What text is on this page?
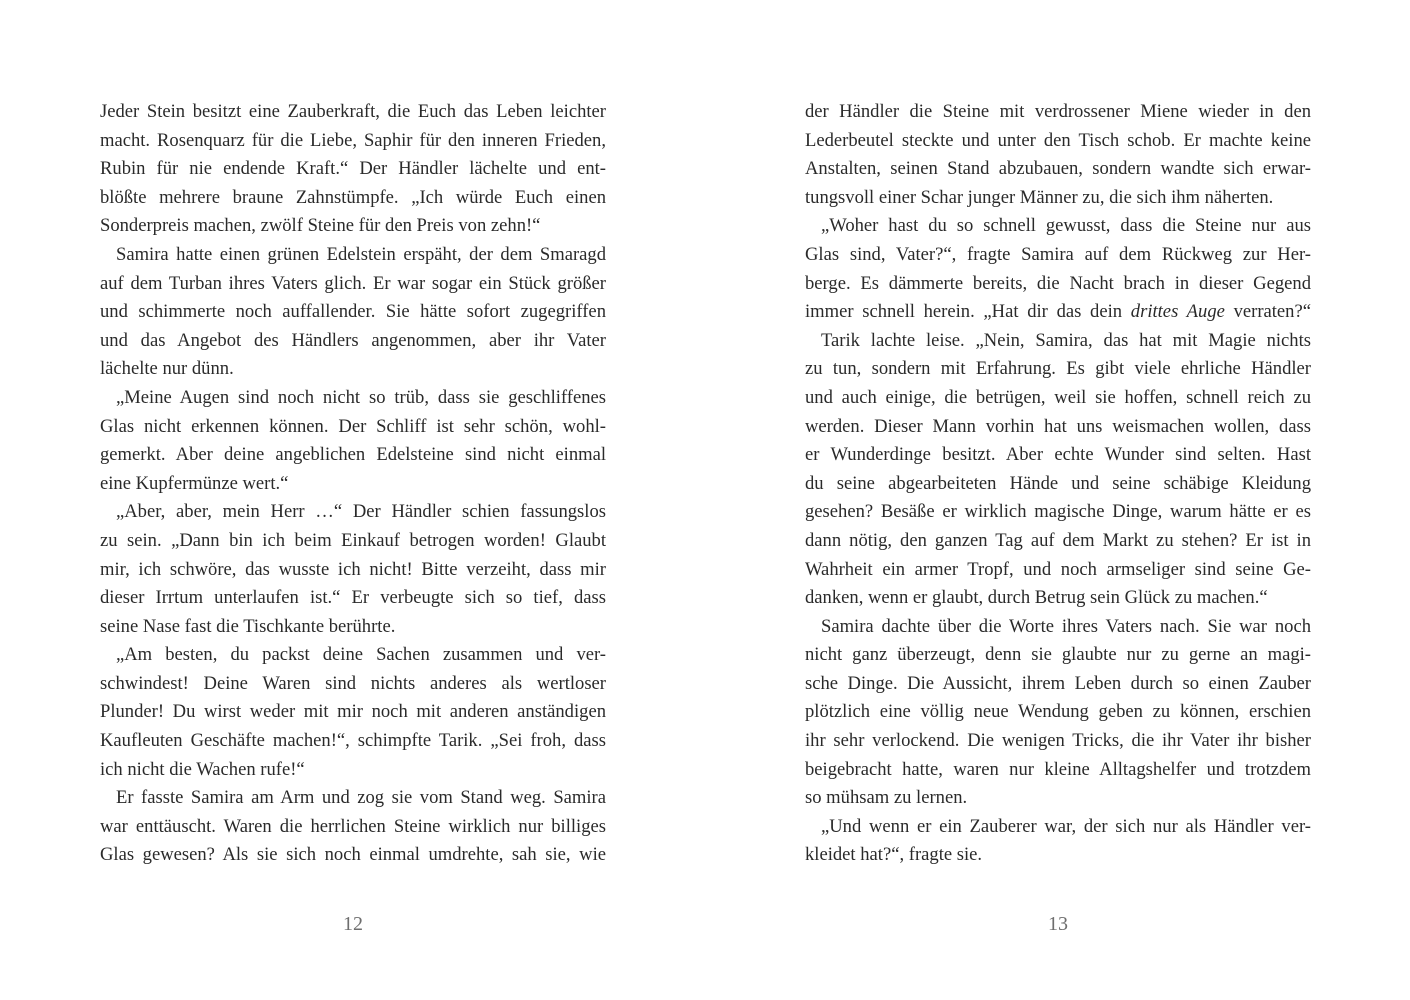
Jeder Stein besitzt eine Zauberkraft, die Euch das Leben leichter
macht. Rosenquarz für die Liebe, Saphir für den inneren Frieden,
Rubin für nie endende Kraft.“ Der Händler lächelte und ent-
blößte mehrere braune Zahnstümpfe. „Ich würde Euch einen
Sonderpreis machen, zwölf Steine für den Preis von zehn!“
Samira hatte einen grünen Edelstein erspäht, der dem Smaragd
auf dem Turban ihres Vaters glich. Er war sogar ein Stück größer
und schimmerte noch auffallender. Sie hätte sofort zugegriffen
und das Angebot des Händlers angenommen, aber ihr Vater
lächelte nur dünn.
„Meine Augen sind noch nicht so trüb, dass sie geschliffenes
Glas nicht erkennen können. Der Schliff ist sehr schön, wohl-
gemerkt. Aber deine angeblichen Edelsteine sind nicht einmal
eine Kupfermünze wert.“
„Aber, aber, mein Herr …“ Der Händler schien fassungslos
zu sein. „Dann bin ich beim Einkauf betrogen worden! Glaubt
mir, ich schwöre, das wusste ich nicht! Bitte verzeiht, dass mir
dieser Irrtum unterlaufen ist.“ Er verbeugte sich so tief, dass
seine Nase fast die Tischkante berührte.
„Am besten, du packst deine Sachen zusammen und ver-
schwindest! Deine Waren sind nichts anderes als wertloser
Plunder! Du wirst weder mit mir noch mit anderen anständigen
Kaufleuten Geschäfte machen!“, schimpfte Tarik. „Sei froh, dass
ich nicht die Wachen rufe!“
Er fasste Samira am Arm und zog sie vom Stand weg. Samira
war enttäuscht. Waren die herrlichen Steine wirklich nur billiges
Glas gewesen? Als sie sich noch einmal umdrehte, sah sie, wie
12
der Händler die Steine mit verdrossener Miene wieder in den
Lederbeutel steckte und unter den Tisch schob. Er machte keine
Anstalten, seinen Stand abzubauen, sondern wandte sich erwar-
tungsvoll einer Schar junger Männer zu, die sich ihm näherten.
„Woher hast du so schnell gewusst, dass die Steine nur aus
Glas sind, Vater?“, fragte Samira auf dem Rückweg zur Her-
berge. Es dämmerte bereits, die Nacht brach in dieser Gegend
immer schnell herein. „Hat dir das dein drittes Auge verraten?“
Tarik lachte leise. „Nein, Samira, das hat mit Magie nichts
zu tun, sondern mit Erfahrung. Es gibt viele ehrliche Händler
und auch einige, die betrügen, weil sie hoffen, schnell reich zu
werden. Dieser Mann vorhin hat uns weismachen wollen, dass
er Wunderdinge besitzt. Aber echte Wunder sind selten. Hast
du seine abgearbeiteten Hände und seine schäbige Kleidung
gesehen? Besäße er wirklich magische Dinge, warum hätte er es
dann nötig, den ganzen Tag auf dem Markt zu stehen? Er ist in
Wahrheit ein armer Tropf, und noch armseliger sind seine Ge-
danken, wenn er glaubt, durch Betrug sein Glück zu machen.“
Samira dachte über die Worte ihres Vaters nach. Sie war noch
nicht ganz überzeugt, denn sie glaubte nur zu gerne an magi-
sche Dinge. Die Aussicht, ihrem Leben durch so einen Zauber
plötzlich eine völlig neue Wendung geben zu können, erschien
ihr sehr verlockend. Die wenigen Tricks, die ihr Vater ihr bisher
beigebracht hatte, waren nur kleine Alltagshelfer und trotzdem
so mühsam zu lernen.
„Und wenn er ein Zauberer war, der sich nur als Händler ver-
kleidet hat?“, fragte sie.
13
